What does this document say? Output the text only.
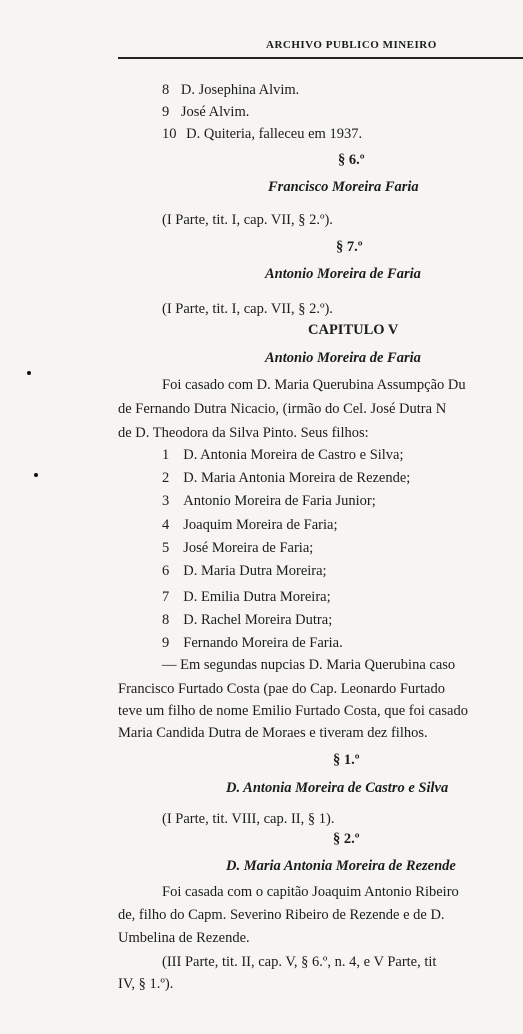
ARCHIVO PUBLICO MINEIRO
8 D. Josephina Alvim.
9 José Alvim.
10 D. Quiteria, falleceu em 1937.
§ 6.º
Francisco Moreira Faria
(I Parte, tit. I, cap. VII, § 2.º).
§ 7.º
Antonio Moreira de Faria
(I Parte, tit. I, cap. VII, § 2.º).
CAPITULO V
Antonio Moreira de Faria
Foi casado com D. Maria Querubina Assumpção Du
de Fernando Dutra Nicacio, (irmão do Cel. José Dutra N
de D. Theodora da Silva Pinto. Seus filhos:
1 D. Antonia Moreira de Castro e Silva;
2 D. Maria Antonia Moreira de Rezende;
3 Antonio Moreira de Faria Junior;
4 Joaquim Moreira de Faria;
5 José Moreira de Faria;
6 D. Maria Dutra Moreira;
7 D. Emilia Dutra Moreira;
8 D. Rachel Moreira Dutra;
9 Fernando Moreira de Faria.
— Em segundas nupcias D. Maria Querubina caso
Francisco Furtado Costa (pae do Cap. Leonardo Furtado
teve um filho de nome Emilio Furtado Costa, que foi casado
Maria Candida Dutra de Moraes e tiveram dez filhos.
§ 1.º
D. Antonia Moreira de Castro e Silva
(I Parte, tit. VIII, cap. II, § 1).
§ 2.º
D. Maria Antonia Moreira de Rezende
Foi casada com o capitão Joaquim Antonio Ribeiro
de, filho do Capm. Severino Ribeiro de Rezende e de D.
Umbelina de Rezende.
(III Parte, tit. II, cap. V, § 6.º, n. 4, e V Parte, tit
IV, § 1.º).
